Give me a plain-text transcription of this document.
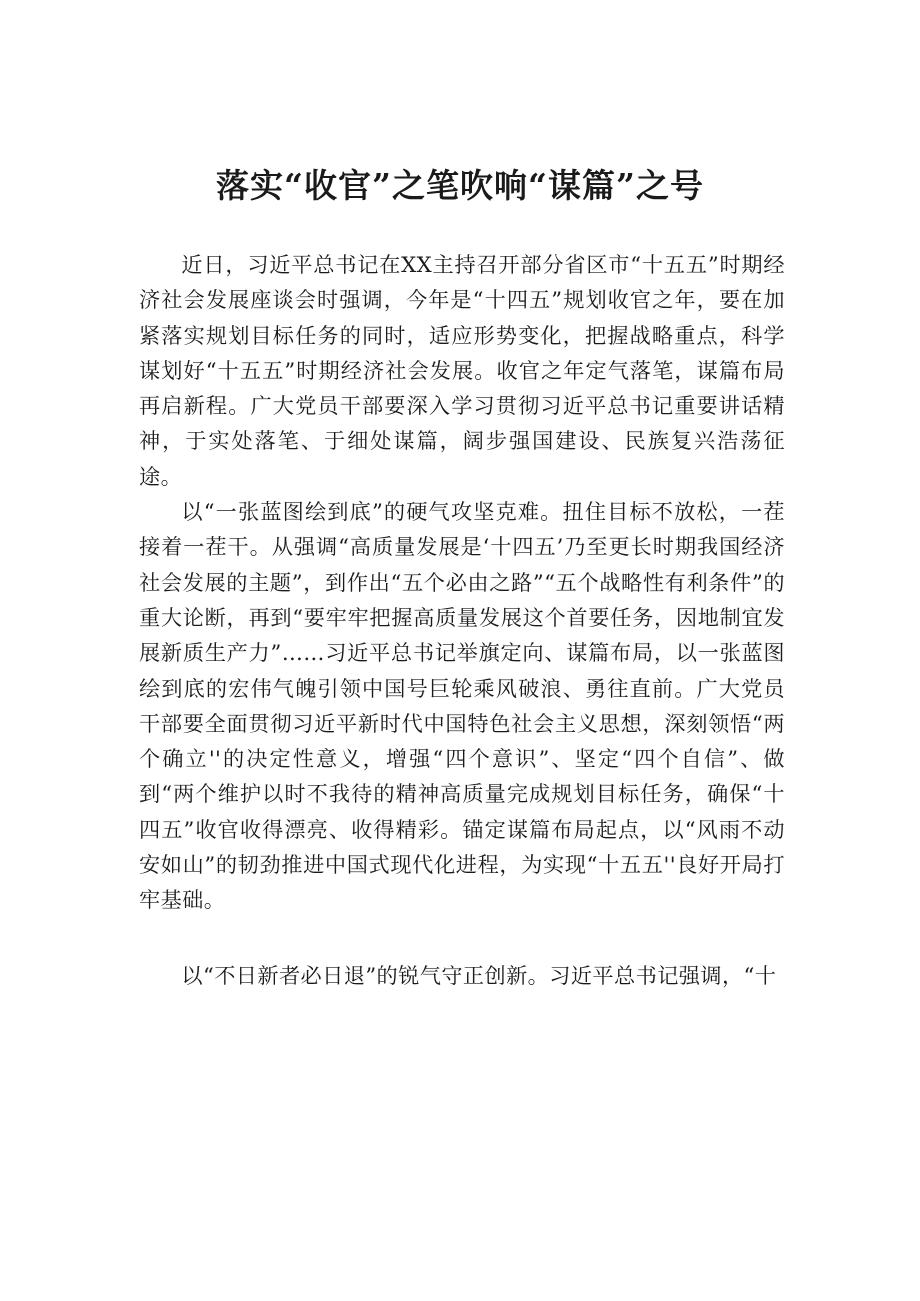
落实“收官”之笔吹响“谋篇”之号

近日，习近平总书记在XX主持召开部分省区市“十五五”时期经济社会发展座谈会时强调，今年是“十四五”规划收官之年，要在加紧落实规划目标任务的同时，适应形势变化，把握战略重点，科学谋划好“十五五”时期经济社会发展。收官之年定气落笔，谋篇布局再启新程。广大党员干部要深入学习贯彻习近平总书记重要讲话精神，于实处落笔、于细处谋篇，阔步强国建设、民族复兴浩荡征途。

以“一张蓝图绘到底”的硬气攻坚克难。扭住目标不放松，一茬接着一茬干。从强调“高质量发展是‘十四五’乃至更长时期我国经济社会发展的主题”，到作出“五个必由之路”“五个战略性有利条件”的重大论断，再到“要牢牢把握高质量发展这个首要任务，因地制宜发展新质生产力”……习近平总书记举旗定向、谋篇布局，以一张蓝图绘到底的宏伟气魄引领中国号巨轮乘风破浪、勇往直前。广大党员干部要全面贯彻习近平新时代中国特色社会主义思想，深刻领悟“两个确立''的决定性意义，增强“四个意识”、坚定“四个自信”、做到“两个维护以时不我待的精神高质量完成规划目标任务，确保“十四五”收官收得漂亮、收得精彩。锚定谋篇布局起点，以“风雨不动安如山”的韧劲推进中国式现代化进程，为实现“十五五''良好开局打牢基础。

以“不日新者必日退”的锐气守正创新。习近平总书记强调，“十
